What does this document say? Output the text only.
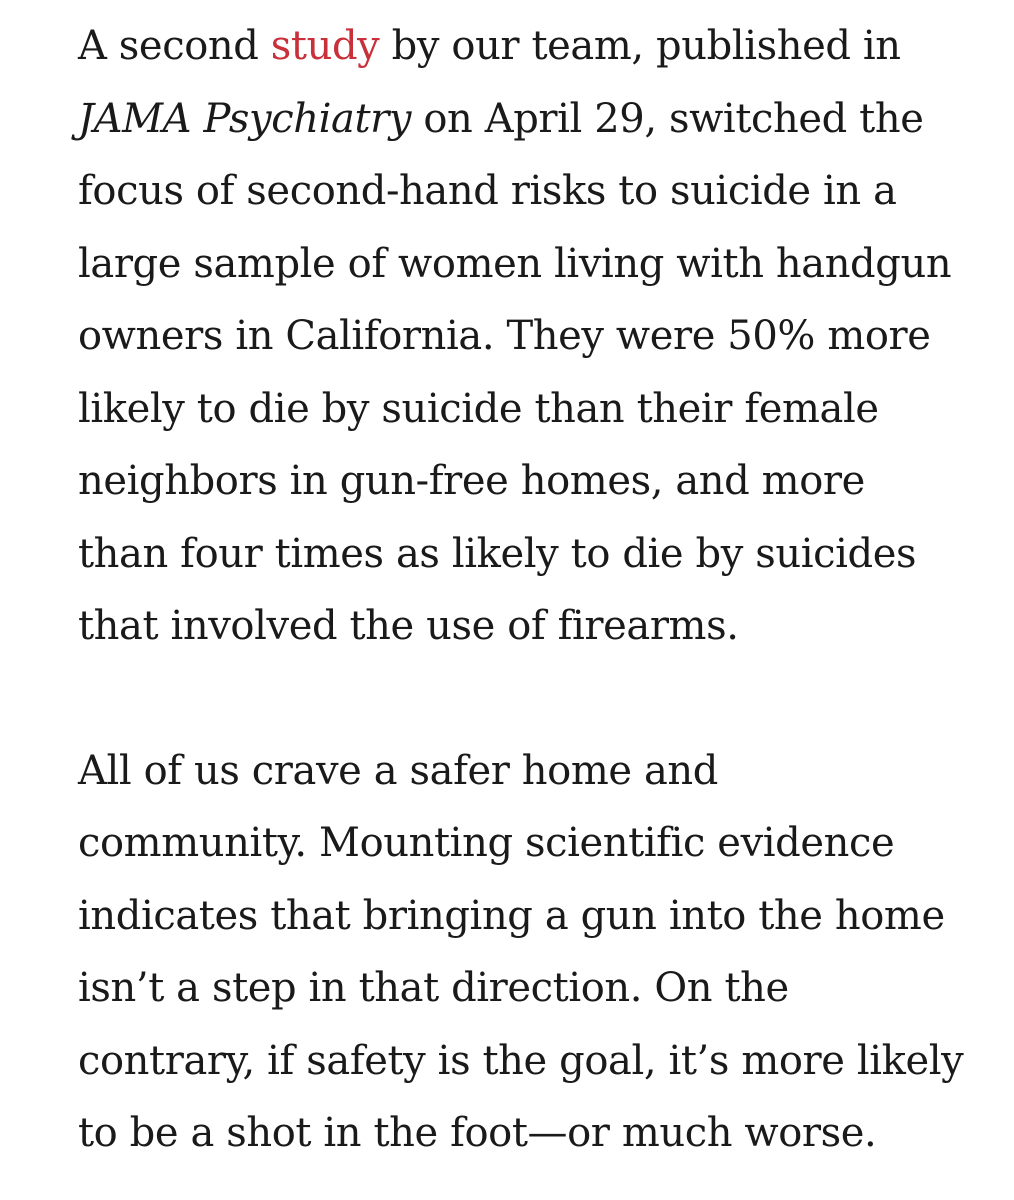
A second study by our team, published in
JAMA Psychiatry on April 29, switched the
focus of second-hand risks to suicide in a
large sample of women living with handgun
owners in California. They were 50% more
likely to die by suicide than their female
neighbors in gun-free homes, and more
than four times as likely to die by suicides
that involved the use of firearms.

All of us crave a safer home and
community. Mounting scientific evidence
indicates that bringing a gun into the home
isn’t a step in that direction. On the
contrary, if safety is the goal, it’s more likely
to be a shot in the foot—or much worse.
